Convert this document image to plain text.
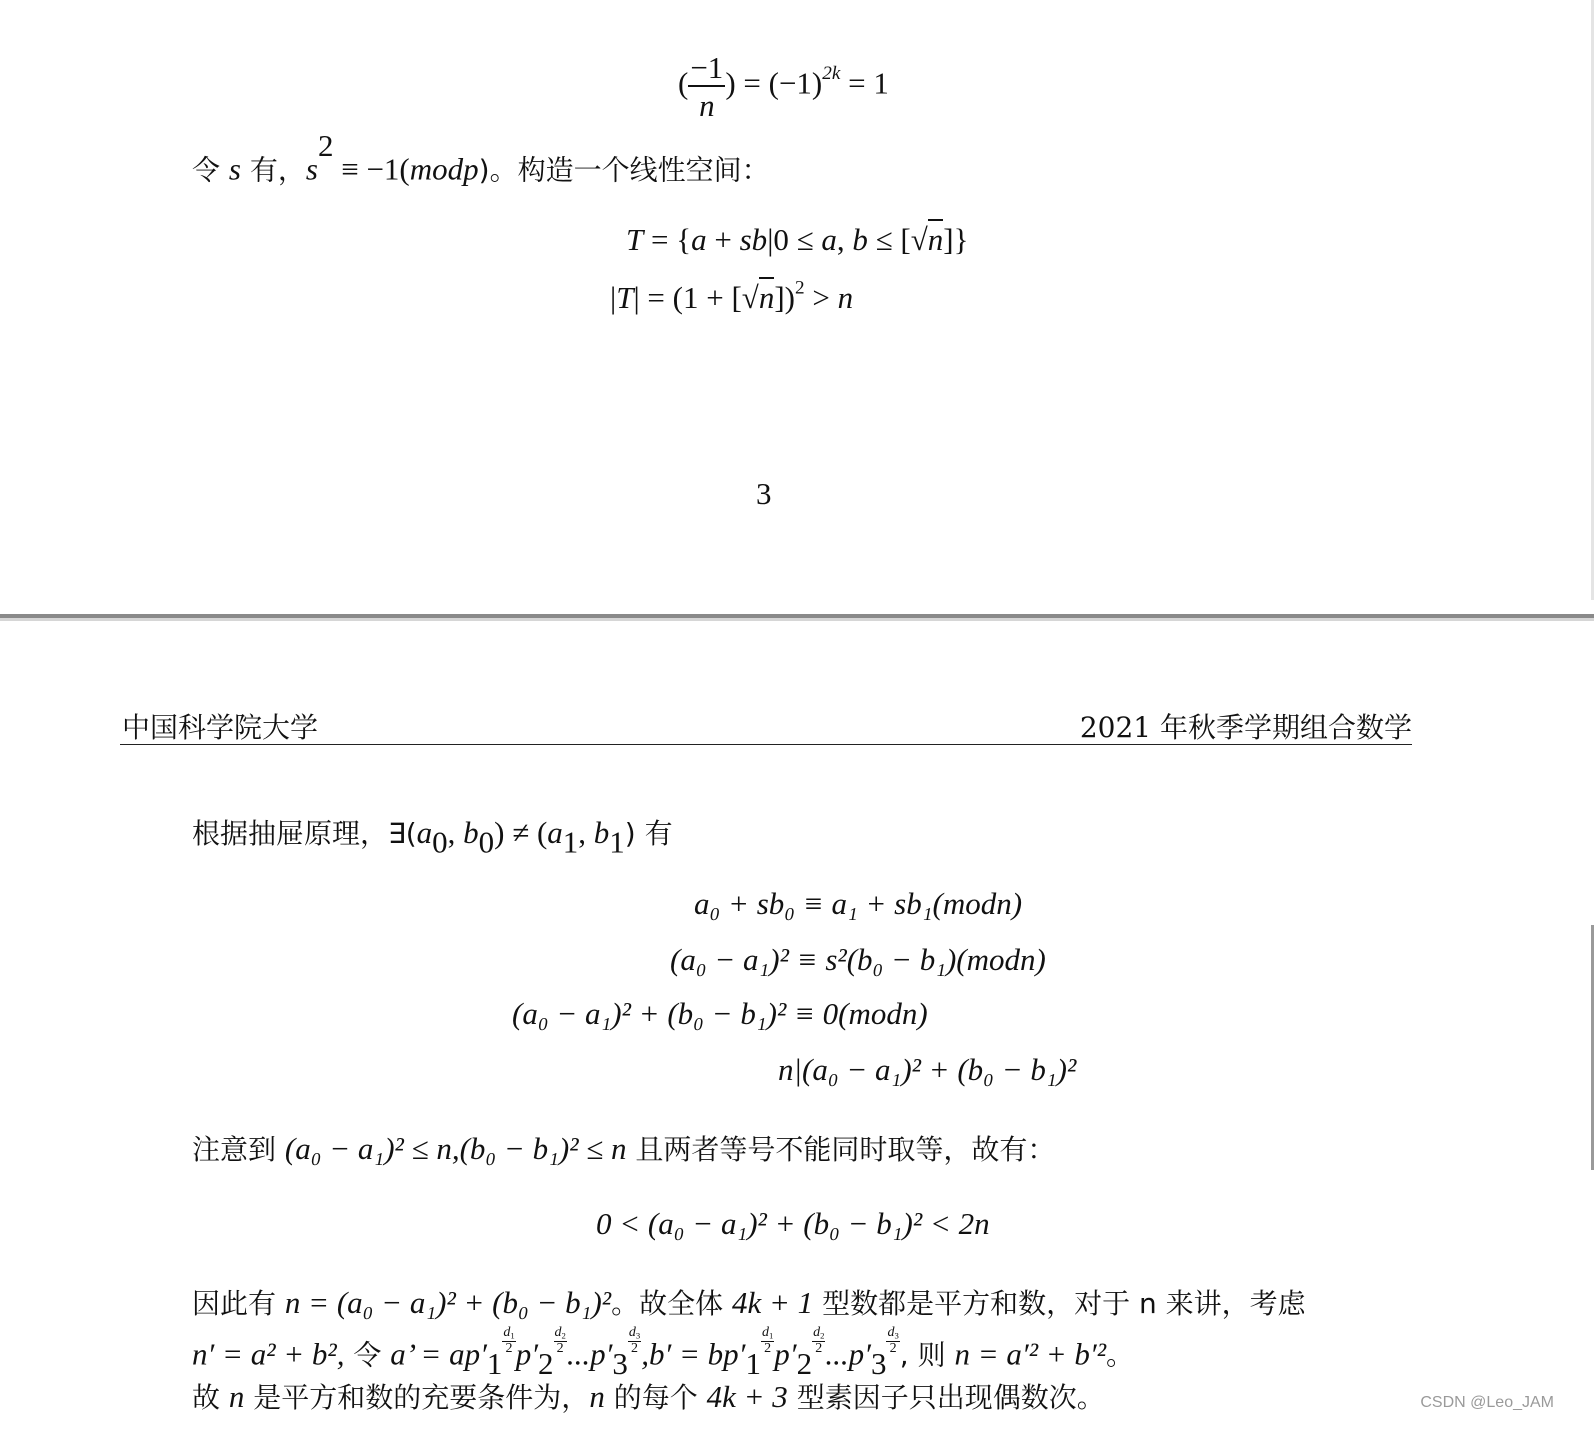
( $\frac{-1}{n}$ ) = $(-1)^{2k} = 1$
令 s 有，$s^2$ ≡ −1(modp)。构造一个线性空间：
T = {a + sb|0 ≤ a, b ≤ [√n]}
$|T| = (1 + [√n])^2 > n$
3
中国科学院大学	2021 年秋季学期组合数学
根据抽屉原理，$\exists(a_0$, $b_0) \ne (a_1$, $b_1$) 有
a₀ + sb₀ ≡ a₁ + sb₁(modn)
(a₀ − a₁)² ≡ s²(b₀ − b₁)(modn)
(a₀ − a₁)² + (b₀ − b₁)² ≡ 0(modn)
n|(a₀ − a₁)² + (b₀ − b₁)²
注意到 (a₀ − a₁)² ≤ n,(b₀ − b₁)² ≤ n 且两者等号不能同时取等，故有：
0 < (a₀ − a₁)² + (b₀ − b₁)² < 2n
因此有 n = (a₀ − a₁)² + (b₀ − b₁)²。故全体 4k + 1 型数都是平方和数，对于 n 来讲，考虑
n′ = a² + b², 令 a’ = $ap'_1$
$\frac{d_1}{2} p'_2$
$\frac{d_2}{2} ...p'_3$
$\frac{d_3}{2} ,b' = bp'_1$
$\frac{d_1}{2} p'_2$
$\frac{d_2}{2} ...p'_3$
$\frac{d_3}{2}$ , 则 n = a′² + b′²。
故 n 是平方和数的充要条件为，n 的每个 4k + 3 型素因子只出现偶数次。	CSDN @Leo_JAM
